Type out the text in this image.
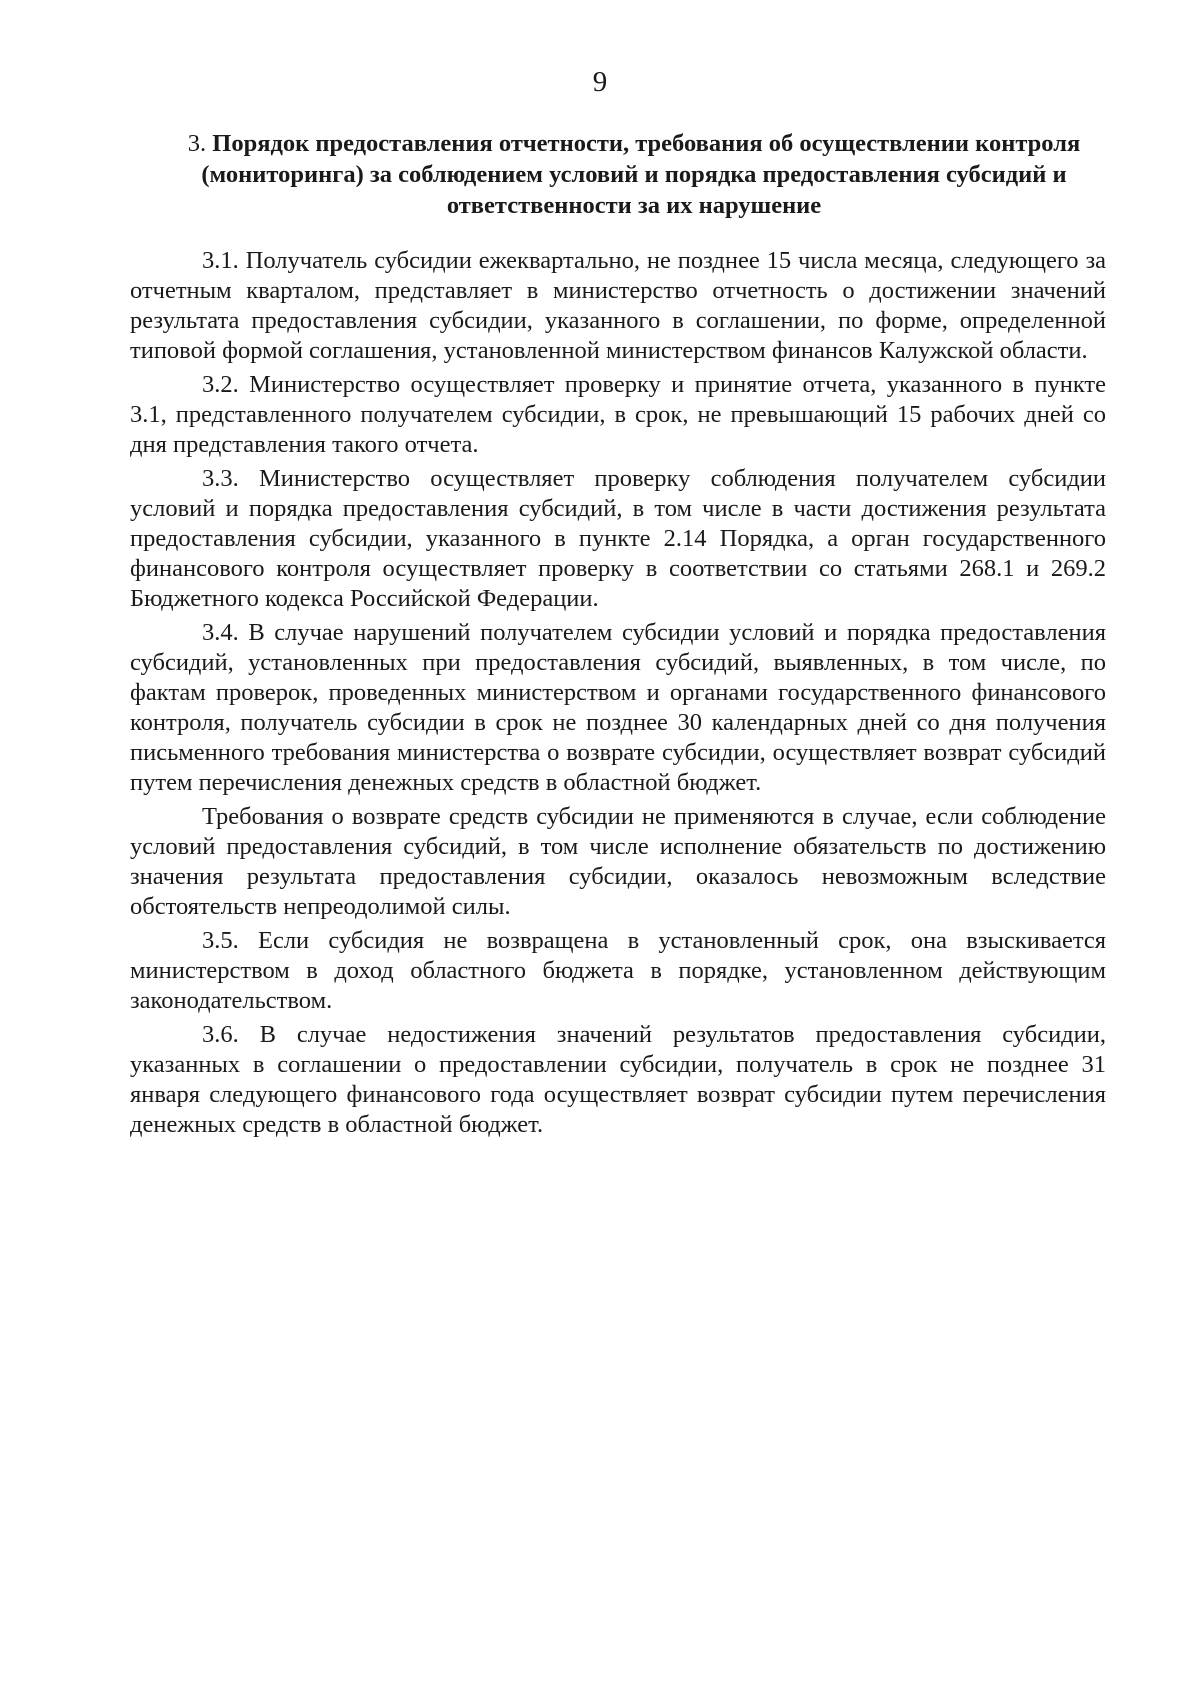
9
3. Порядок предоставления отчетности, требования об осуществлении контроля (мониторинга) за соблюдением условий и порядка предоставления субсидий и ответственности за их нарушение

3.1. Получатель субсидии ежеквартально, не позднее 15 числа месяца, следующего за отчетным кварталом, представляет в министерство отчетность о достижении значений результата предоставления субсидии, указанного в соглашении, по форме, определенной типовой формой соглашения, установленной министерством финансов Калужской области.

3.2. Министерство осуществляет проверку и принятие отчета, указанного в пункте 3.1, представленного получателем субсидии, в срок, не превышающий 15 рабочих дней со дня представления такого отчета.

3.3. Министерство осуществляет проверку соблюдения получателем субсидии условий и порядка предоставления субсидий, в том числе в части достижения результата предоставления субсидии, указанного в пункте 2.14 Порядка, а орган государственного финансового контроля осуществляет проверку в соответствии со статьями 268.1 и 269.2 Бюджетного кодекса Российской Федерации.

3.4. В случае нарушений получателем субсидии условий и порядка предоставления субсидий, установленных при предоставления субсидий, выявленных, в том числе, по фактам проверок, проведенных министерством и органами государственного финансового контроля, получатель субсидии в срок не позднее 30 календарных дней со дня получения письменного требования министерства о возврате субсидии, осуществляет возврат субсидий путем перечисления денежных средств в областной бюджет.

Требования о возврате средств субсидии не применяются в случае, если соблюдение условий предоставления субсидий, в том числе исполнение обязательств по достижению значения результата предоставления субсидии, оказалось невозможным вследствие обстоятельств непреодолимой силы.

3.5. Если субсидия не возвращена в установленный срок, она взыскивается министерством в доход областного бюджета в порядке, установленном действующим законодательством.

3.6. В случае недостижения значений результатов предоставления субсидии, указанных в соглашении о предоставлении субсидии, получатель в срок не позднее 31 января следующего финансового года осуществляет возврат субсидии путем перечисления денежных средств в областной бюджет.
